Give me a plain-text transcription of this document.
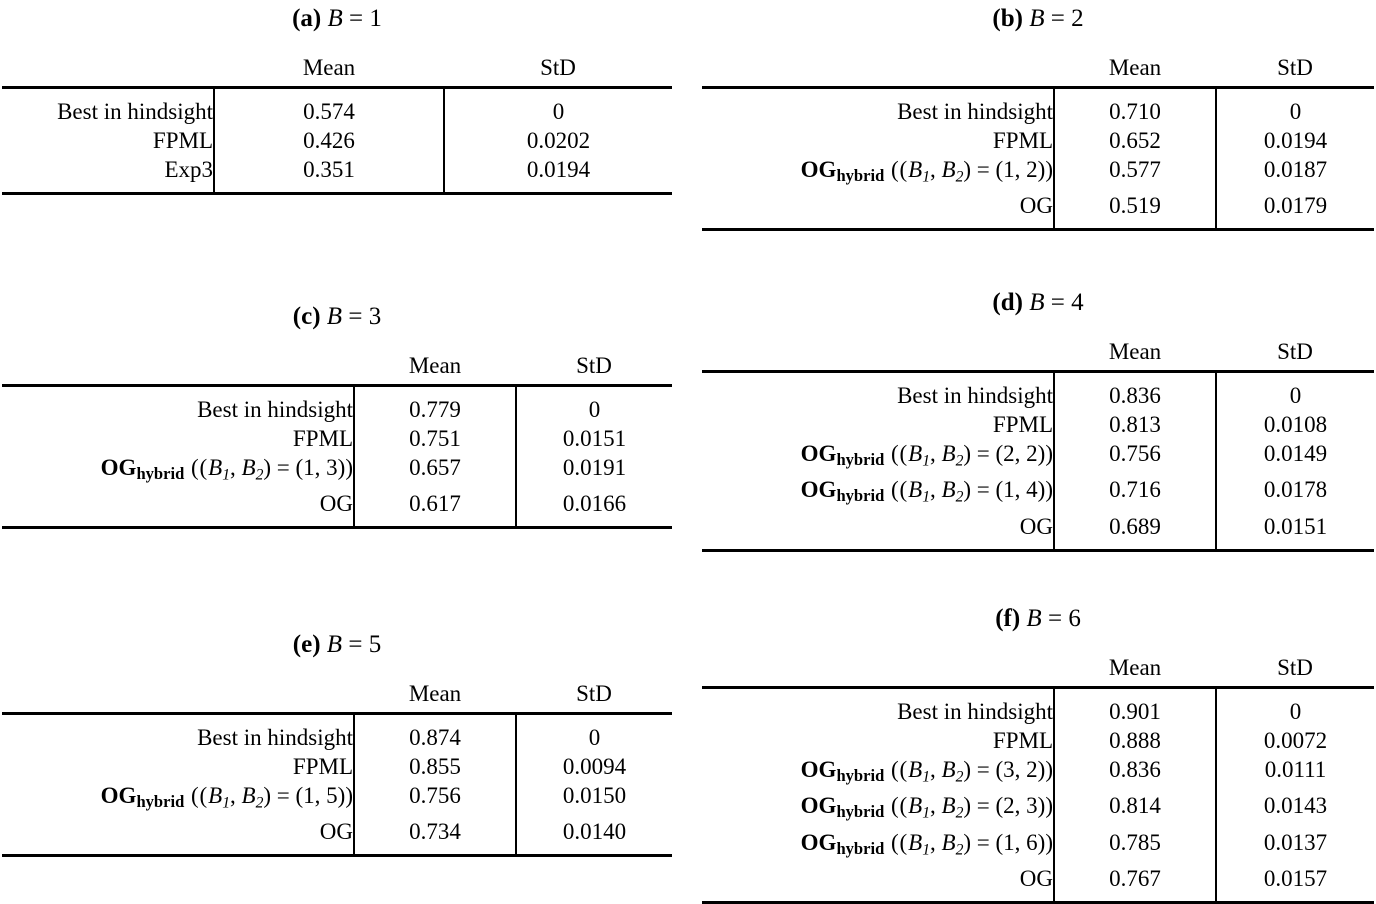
(a) B = 1
	Mean	StD

Best in hindsight	0.574	0
FPML	0.426	0.0202
Exp3	0.351	0.0194

(b) B = 2
	Mean	StD

Best in hindsight	0.710	0
FPML	0.652	0.0194
OGhybrid ((B1, B2) = (1, 2))	0.577	0.0187
OG	0.519	0.0179

(c) B = 3
	Mean	StD

Best in hindsight	0.779	0
FPML	0.751	0.0151
OGhybrid ((B1, B2) = (1, 3))	0.657	0.0191
OG	0.617	0.0166

(d) B = 4
	Mean	StD

Best in hindsight	0.836	0
FPML	0.813	0.0108
OGhybrid ((B1, B2) = (2, 2))	0.756	0.0149
OGhybrid ((B1, B2) = (1, 4))	0.716	0.0178
OG	0.689	0.0151

(e) B = 5
	Mean	StD

Best in hindsight	0.874	0
FPML	0.855	0.0094
OGhybrid ((B1, B2) = (1, 5))	0.756	0.0150
OG	0.734	0.0140

(f) B = 6
	Mean	StD

Best in hindsight	0.901	0
FPML	0.888	0.0072
OGhybrid ((B1, B2) = (3, 2))	0.836	0.0111
OGhybrid ((B1, B2) = (2, 3))	0.814	0.0143
OGhybrid ((B1, B2) = (1, 6))	0.785	0.0137
OG	0.767	0.0157
